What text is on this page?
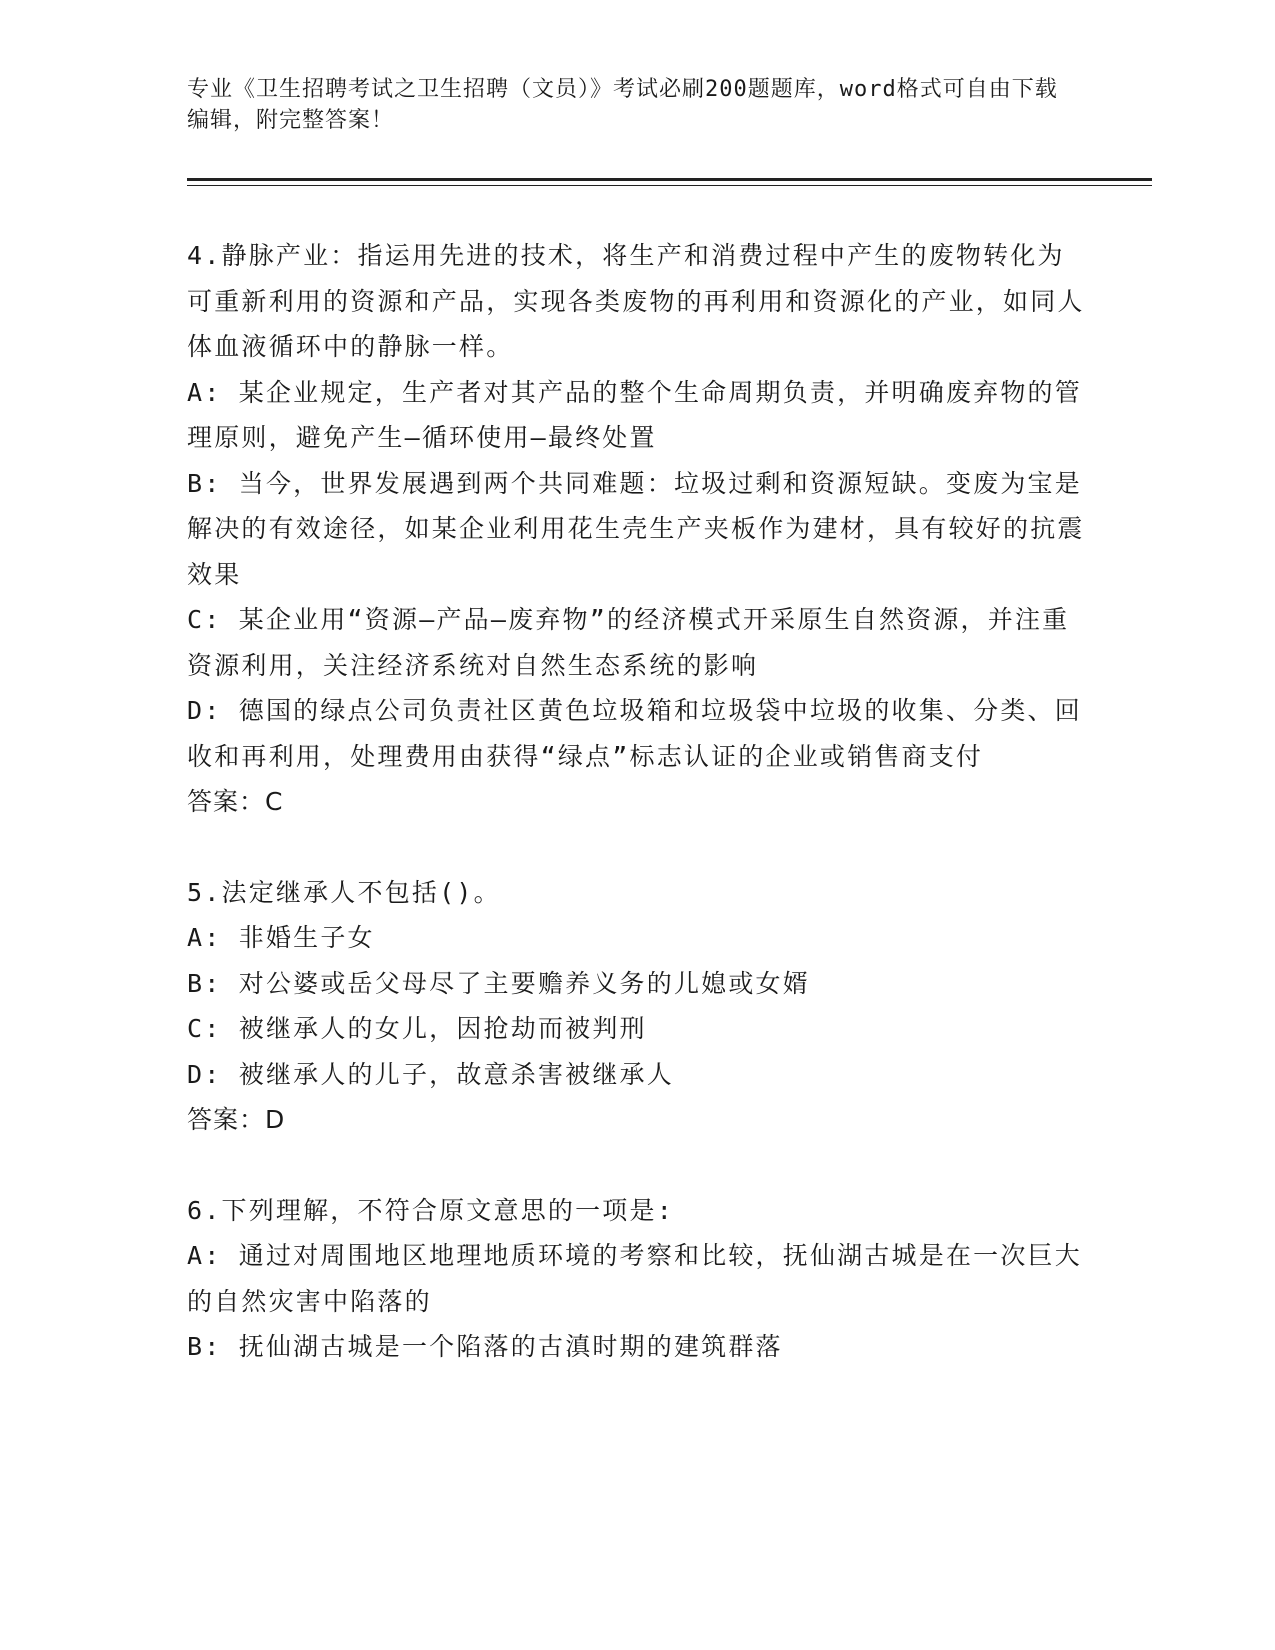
专业《卫生招聘考试之卫生招聘（文员）》考试必刷200题题库，word格式可自由下载编辑，附完整答案！

4.静脉产业：指运用先进的技术，将生产和消费过程中产生的废物转化为可重新利用的资源和产品，实现各类废物的再利用和资源化的产业，如同人体血液循环中的静脉一样。

A: 某企业规定，生产者对其产品的整个生命周期负责，并明确废弃物的管理原则，避免产生—循环使用—最终处置

B: 当今，世界发展遇到两个共同难题：垃圾过剩和资源短缺。变废为宝是解决的有效途径，如某企业利用花生壳生产夹板作为建材，具有较好的抗震效果

C: 某企业用“资源—产品—废弃物”的经济模式开采原生自然资源，并注重资源利用，关注经济系统对自然生态系统的影响

D: 德国的绿点公司负责社区黄色垃圾箱和垃圾袋中垃圾的收集、分类、回收和再利用，处理费用由获得“绿点”标志认证的企业或销售商支付

答案：C

5.法定继承人不包括()。

A: 非婚生子女

B: 对公婆或岳父母尽了主要赡养义务的儿媳或女婿

C: 被继承人的女儿，因抢劫而被判刑

D: 被继承人的儿子，故意杀害被继承人

答案：D

6.下列理解，不符合原文意思的一项是:

A: 通过对周围地区地理地质环境的考察和比较，抚仙湖古城是在一次巨大的自然灾害中陷落的

B: 抚仙湖古城是一个陷落的古滇时期的建筑群落
